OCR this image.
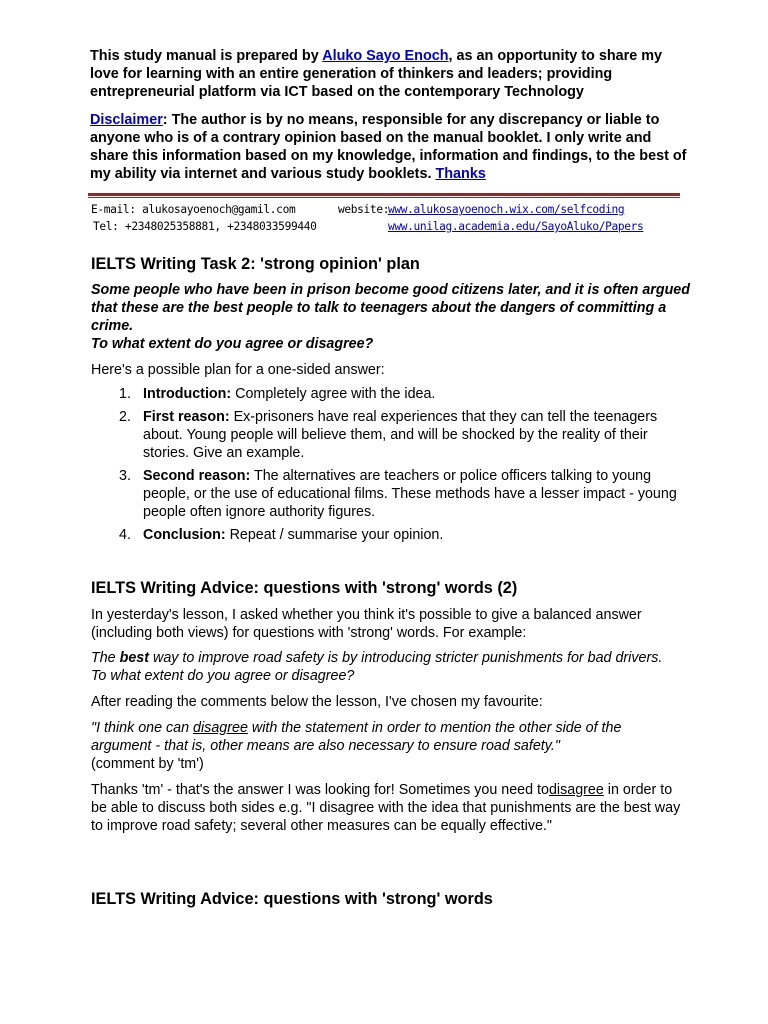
This study manual is prepared by Aluko Sayo Enoch, as an opportunity to share my love for learning with an entire generation of thinkers and leaders; providing entrepreneurial platform via ICT based on the contemporary Technology
Disclaimer: The author is by no means, responsible for any discrepancy or liable to anyone who is of a contrary opinion based on the manual booklet. I only write and share this information based on my knowledge, information and findings, to the best of my ability via internet and various study booklets. Thanks
E-mail: alukosayoenoch@gamil.com
Tel: +2348025358881, +2348033599440
website:
www.alukosayoenoch.wix.com/selfcoding
www.unilag.academia.edu/SayoAluko/Papers
IELTS Writing Task 2: 'strong opinion' plan
Some people who have been in prison become good citizens later, and it is often argued that these are the best people to talk to teenagers about the dangers of committing a crime.
To what extent do you agree or disagree?
Here's a possible plan for a one-sided answer:
1. Introduction: Completely agree with the idea.
2. First reason: Ex-prisoners have real experiences that they can tell the teenagers about. Young people will believe them, and will be shocked by the reality of their stories. Give an example.
3. Second reason: The alternatives are teachers or police officers talking to young people, or the use of educational films. These methods have a lesser impact - young people often ignore authority figures.
4. Conclusion: Repeat / summarise your opinion.
IELTS Writing Advice: questions with 'strong' words (2)
In yesterday's lesson, I asked whether you think it's possible to give a balanced answer (including both views) for questions with 'strong' words. For example:
The best way to improve road safety is by introducing stricter punishments for bad drivers. To what extent do you agree or disagree?
After reading the comments below the lesson, I've chosen my favourite:
"I think one can disagree with the statement in order to mention the other side of the argument - that is, other means are also necessary to ensure road safety."
(comment by 'tm')
Thanks 'tm' - that's the answer I was looking for! Sometimes you need todisagree in order to be able to discuss both sides e.g. "I disagree with the idea that punishments are the best way to improve road safety; several other measures can be equally effective."
IELTS Writing Advice: questions with 'strong' words
